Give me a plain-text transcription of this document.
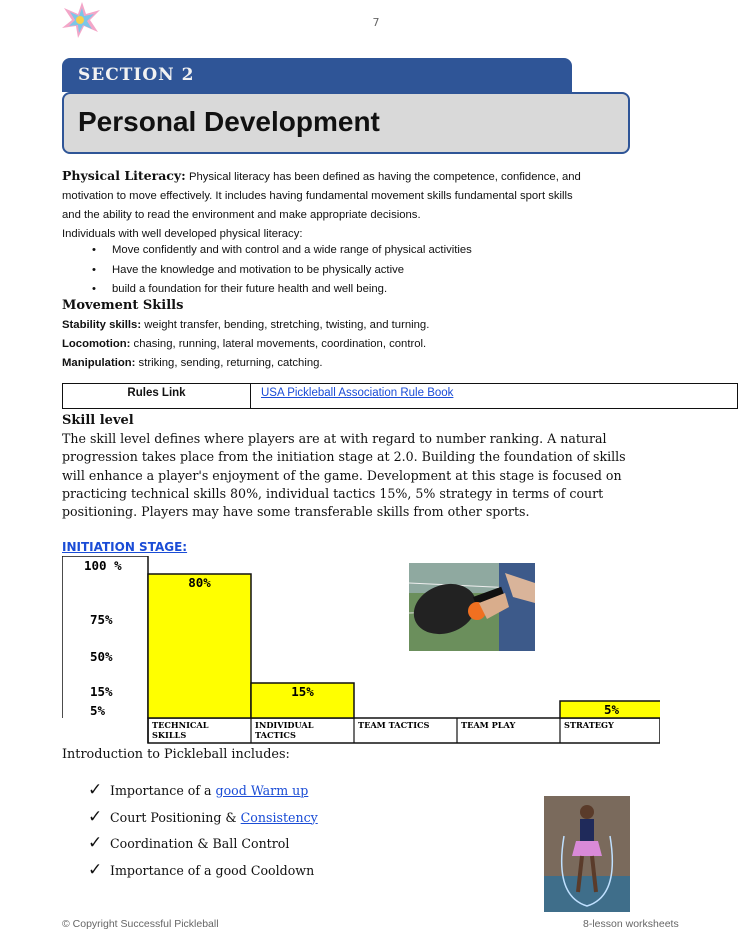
7
SECTION 2
Personal Development
Physical Literacy: Physical literacy has been defined as having the competence, confidence, and
motivation to move effectively. It includes having fundamental movement skills fundamental sport skills
and the ability to read the environment and make appropriate decisions.
Individuals with well developed physical literacy:
• Move confidently and with control and a wide range of physical activities
• Have the knowledge and motivation to be physically active
• build a foundation for their future health and well being.
Movement Skills
Stability skills: weight transfer, bending, stretching, twisting, and turning.
Locomotion: chasing, running, lateral movements, coordination, control.
Manipulation: striking, sending, returning, catching.
Rules Link	USA Pickleball Association Rule Book
Skill level
The skill level defines where players are at with regard to number ranking. A natural
progression takes place from the initiation stage at 2.0. Building the foundation of skills
will enhance a player's enjoyment of the game. Development at this stage is focused on
practicing technical skills 80%, individual tactics 15%, 5% strategy in terms of court
positioning. Players may have some transferable skills from other sports.
INITIATION STAGE:
100 %
75%
50%
15%
5%
80%
TECHNICAL SKILLS
15%
INDIVIDUAL TACTICS
TEAM TACTICS	TEAM PLAY
5%
STRATEGY
Introduction to Pickleball includes:
✓ Importance of a good Warm up
✓ Court Positioning & Consistency
✓ Coordination & Ball Control
✓ Importance of a good Cooldown
© Copyright Successful Pickleball	8-lesson worksheets
